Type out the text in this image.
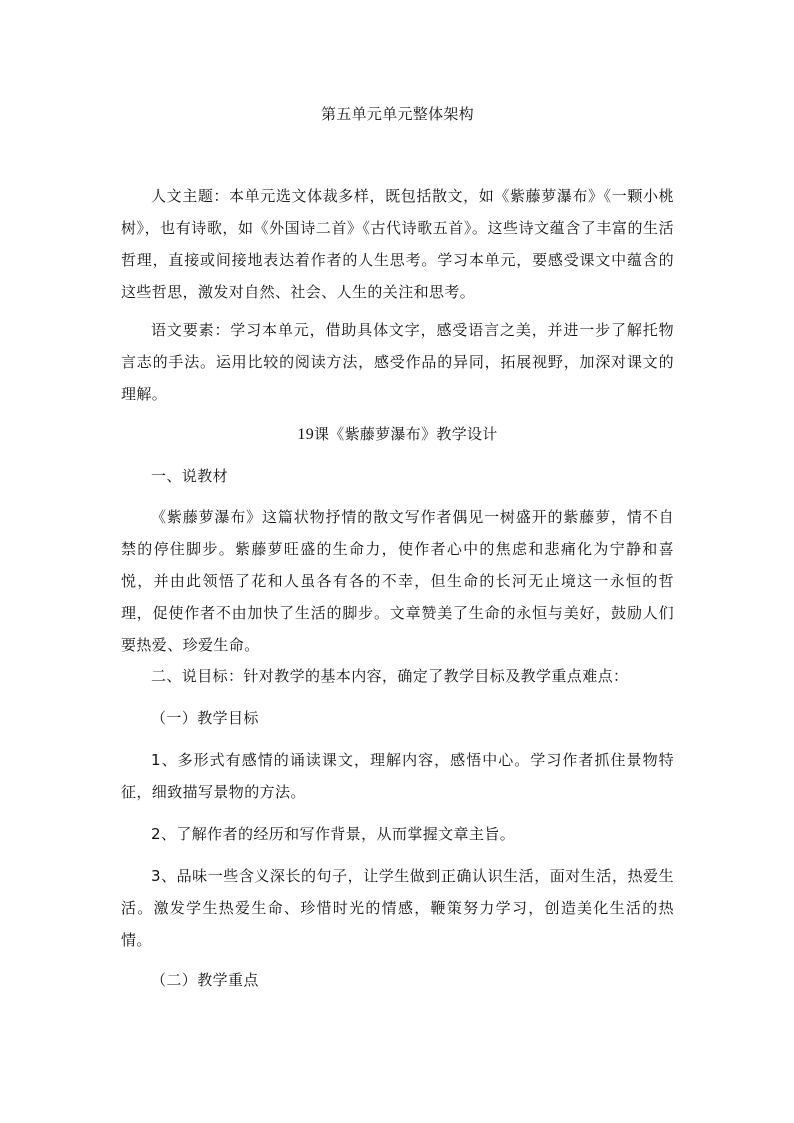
第五单元单元整体架构

人文主题：本单元选文体裁多样，既包括散文，如《紫藤萝瀑布》《一颗小桃树》，也有诗歌，如《外国诗二首》《古代诗歌五首》。这些诗文蕴含了丰富的生活哲理，直接或间接地表达着作者的人生思考。学习本单元，要感受课文中蕴含的这些哲思，激发对自然、社会、人生的关注和思考。

语文要素：学习本单元，借助具体文字，感受语言之美，并进一步了解托物言志的手法。运用比较的阅读方法，感受作品的异同，拓展视野，加深对课文的理解。

19课《紫藤萝瀑布》教学设计

一、说教材

《紫藤萝瀑布》这篇状物抒情的散文写作者偶见一树盛开的紫藤萝，情不自禁的停住脚步。紫藤萝旺盛的生命力，使作者心中的焦虑和悲痛化为宁静和喜悦，并由此领悟了花和人虽各有各的不幸，但生命的长河无止境这一永恒的哲理，促使作者不由加快了生活的脚步。文章赞美了生命的永恒与美好，鼓励人们要热爱、珍爱生命。

二、说目标：针对教学的基本内容，确定了教学目标及教学重点难点：

（一）教学目标

1、多形式有感情的诵读课文，理解内容，感悟中心。学习作者抓住景物特征，细致描写景物的方法。

2、了解作者的经历和写作背景，从而掌握文章主旨。

3、品味一些含义深长的句子，让学生做到正确认识生活，面对生活，热爱生活。激发学生热爱生命、珍惜时光的情感，鞭策努力学习，创造美化生活的热情。

（二）教学重点
